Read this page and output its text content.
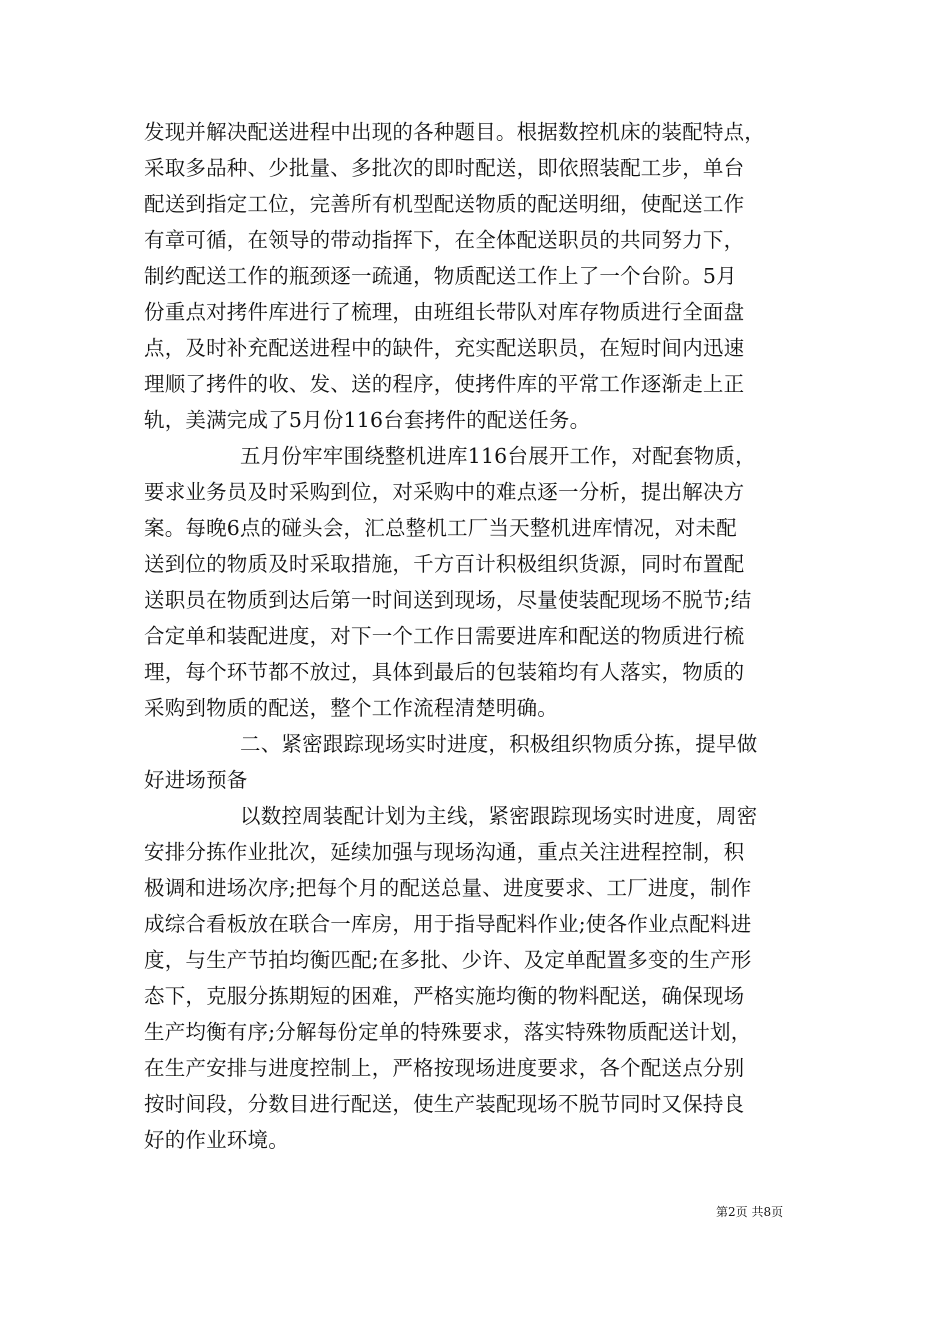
发现并解决配送进程中出现的各种题目。根据数控机床的装配特点，
采取多品种、少批量、多批次的即时配送，即依照装配工步，单台
配送到指定工位，完善所有机型配送物质的配送明细，使配送工作
有章可循，在领导的带动指挥下，在全体配送职员的共同努力下，
制约配送工作的瓶颈逐一疏通，物质配送工作上了一个台阶。5月
份重点对拷件库进行了梳理，由班组长带队对库存物质进行全面盘
点，及时补充配送进程中的缺件，充实配送职员，在短时间内迅速
理顺了拷件的收、发、送的程序，使拷件库的平常工作逐渐走上正
轨，美满完成了5月份116台套拷件的配送任务。
五月份牢牢围绕整机进库116台展开工作，对配套物质，
要求业务员及时采购到位，对采购中的难点逐一分析，提出解决方
案。每晚6点的碰头会，汇总整机工厂当天整机进库情况，对未配
送到位的物质及时采取措施，千方百计积极组织货源，同时布置配
送职员在物质到达后第一时间送到现场，尽量使装配现场不脱节;结
合定单和装配进度，对下一个工作日需要进库和配送的物质进行梳
理，每个环节都不放过，具体到最后的包装箱均有人落实，物质的
采购到物质的配送，整个工作流程清楚明确。
二、紧密跟踪现场实时进度，积极组织物质分拣，提早做
好进场预备
以数控周装配计划为主线，紧密跟踪现场实时进度，周密
安排分拣作业批次，延续加强与现场沟通，重点关注进程控制，积
极调和进场次序;把每个月的配送总量、进度要求、工厂进度，制作
成综合看板放在联合一库房，用于指导配料作业;使各作业点配料进
度，与生产节拍均衡匹配;在多批、少许、及定单配置多变的生产形
态下，克服分拣期短的困难，严格实施均衡的物料配送，确保现场
生产均衡有序;分解每份定单的特殊要求，落实特殊物质配送计划，
在生产安排与进度控制上，严格按现场进度要求，各个配送点分别
按时间段，分数目进行配送，使生产装配现场不脱节同时又保持良
好的作业环境。
第2页 共8页
